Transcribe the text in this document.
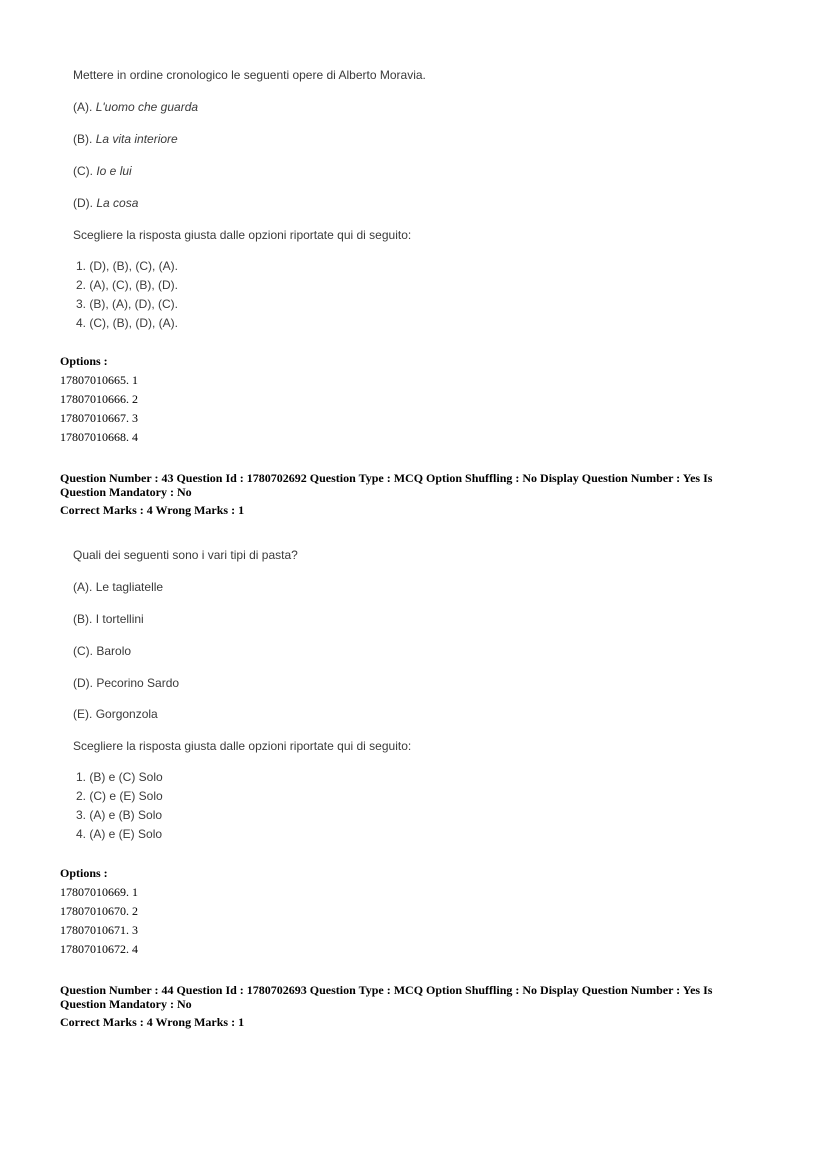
Mettere in ordine cronologico le seguenti opere di Alberto Moravia.
(A). L'uomo che guarda
(B). La vita interiore
(C). Io e lui
(D). La cosa
Scegliere la risposta giusta dalle opzioni riportate qui di seguito:
1. (D), (B), (C), (A).
2. (A), (C), (B), (D).
3. (B), (A), (D), (C).
4. (C), (B), (D), (A).
Options :
17807010665. 1
17807010666. 2
17807010667. 3
17807010668. 4
Question Number : 43 Question Id : 1780702692 Question Type : MCQ Option Shuffling : No Display Question Number : Yes Is Question Mandatory : No
Correct Marks : 4 Wrong Marks : 1
Quali dei seguenti sono i vari tipi di pasta?
(A). Le tagliatelle
(B). I tortellini
(C). Barolo
(D). Pecorino Sardo
(E). Gorgonzola
Scegliere la risposta giusta dalle opzioni riportate qui di seguito:
1. (B) e (C) Solo
2. (C) e (E) Solo
3. (A) e (B) Solo
4. (A) e (E) Solo
Options :
17807010669. 1
17807010670. 2
17807010671. 3
17807010672. 4
Question Number : 44 Question Id : 1780702693 Question Type : MCQ Option Shuffling : No Display Question Number : Yes Is Question Mandatory : No
Correct Marks : 4 Wrong Marks : 1
